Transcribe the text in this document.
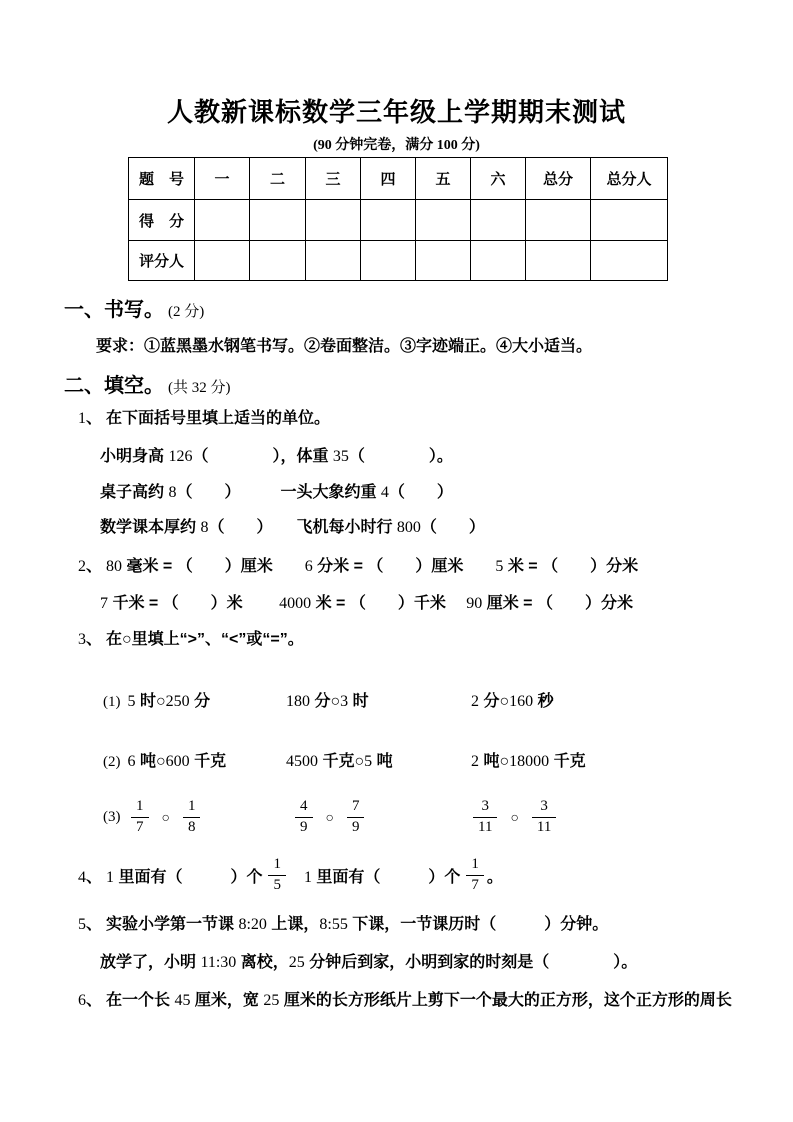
人教新课标数学三年级上学期期末测试
(90 分钟完卷，满分 100 分)
题　号	一	二	三	四	五	六	总分	总分人
得　分								
评分人								
一、书写。 (2 分)
要求：①蓝黑墨水钢笔书写。②卷面整洁。③字迹端正。④大小适当。
二、填空。 (共 32 分)
1、 在下面括号里填上适当的单位。
小明身高 126（　　　　），体重 35（　　　　）。
桌子高约 8（　　）　　　一头大象约重 4（　　）
数学课本厚约 8（　　）　　飞机每小时行 800（　　）
2、 80 毫米 = （　　）厘米　　6 分米 = （　　）厘米　　5 米 = （　　）分米
7 千米 = （　　）米　　 4000 米 = （　　）千米　 90 厘米 = （　　）分米
3、 在○里填上“>”、“<”或“=”。
(1) 5 时○250 分	180 分○3 时	2 分○160 秒
(2) 6 吨○600 千克	4500 千克○5 吨	2 吨○18000 千克
$(3) \frac{1}{7}$ ○ $\frac{1}{8}$	$\frac{4}{9}$ ○ $\frac{7}{9}$	$\frac{3}{11}$ ○ $\frac{3}{11}$
4、 1 里面有（　　　）个 $\frac{1}{5} 1$ 里面有（　　　）个 $\frac{1}{7}$ 。
5、 实验小学第一节课 8:20 上课，8:55 下课，一节课历时（　　　）分钟。
放学了，小明 11:30 离校，25 分钟后到家，小明到家的时刻是（　　　　）。
6、 在一个长 45 厘米，宽 25 厘米的长方形纸片上剪下一个最大的正方形，这个正方形的周长
